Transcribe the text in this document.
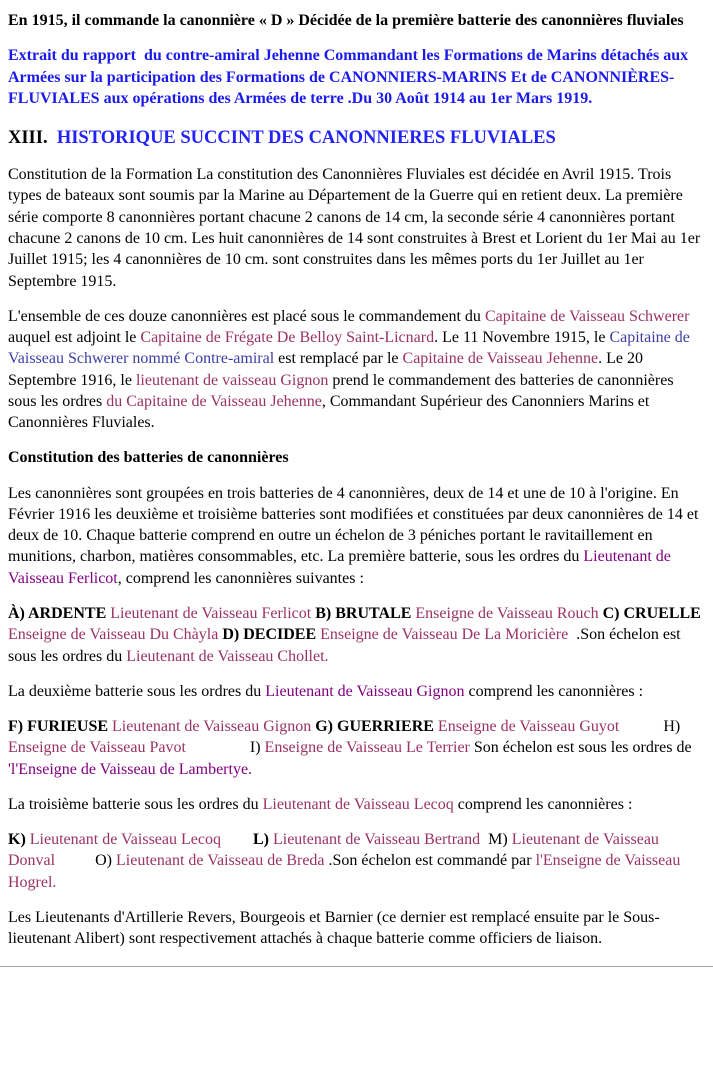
En 1915, il commande la canonnière « D » Décidée de la première batterie des canonnières fluviales

Extrait du rapport  du contre-amiral Jehenne Commandant les Formations de Marins détachés aux Armées sur la participation des Formations de CANONNIERS-MARINS Et de CANONNIÈRES-FLUVIALES aux opérations des Armées de terre .Du 30 Août 1914 au 1er Mars 1919.

XIII.  HISTORIQUE SUCCINT DES CANONNIERES FLUVIALES

Constitution de la Formation La constitution des Canonnières Fluviales est décidée en Avril 1915. Trois types de bateaux sont soumis par la Marine au Département de la Guerre qui en retient deux. La première série comporte 8 canonnières portant chacune 2 canons de 14 cm, la seconde série 4 canonnières portant chacune 2 canons de 10 cm. Les huit canonnières de 14 sont construites à Brest et Lorient du 1er Mai au 1er Juillet 1915; les 4 canonnières de 10 cm. sont construites dans les mêmes ports du 1er Juillet au 1er Septembre 1915.

L'ensemble de ces douze canonnières est placé sous le commandement du Capitaine de Vaisseau Schwerer auquel est adjoint le Capitaine de Frégate De Belloy Saint-Licnard. Le 11 Novembre 1915, le Capitaine de Vaisseau Schwerer nommé Contre-amiral est remplacé par le Capitaine de Vaisseau Jehenne. Le 20 Septembre 1916, le lieutenant de vaisseau Gignon prend le commandement des batteries de canonnières sous les ordres du Capitaine de Vaisseau Jehenne, Commandant Supérieur des Canonniers Marins et Canonnières Fluviales.

Constitution des batteries de canonnières

Les canonnières sont groupées en trois batteries de 4 canonnières, deux de 14 et une de 10 à l'origine. En Février 1916 les deuxième et troisième batteries sont modifiées et constituées par deux canonnières de 14 et deux de 10. Chaque batterie comprend en outre un échelon de 3 péniches portant le ravitaillement en munitions, charbon, matières consommables, etc. La première batterie, sous les ordres du Lieutenant de Vaisseau Ferlicot, comprend les canonnières suivantes :

À) ARDENTE Lieutenant de Vaisseau Ferlicot B) BRUTALE Enseigne de Vaisseau Rouch C) CRUELLE Enseigne de Vaisseau Du Chàyla D) DECIDEE Enseigne de Vaisseau De La Moricière  .Son échelon est sous les ordres du Lieutenant de Vaisseau Chollet.

La deuxième batterie sous les ordres du Lieutenant de Vaisseau Gignon comprend les canonnières :

F) FURIEUSE Lieutenant de Vaisseau Gignon G) GUERRIERE Enseigne de Vaisseau Guyot           H) Enseigne de Vaisseau Pavot                I) Enseigne de Vaisseau Le Terrier Son échelon est sous les ordres de 'l'Enseigne de Vaisseau de Lambertye.

La troisième batterie sous les ordres du Lieutenant de Vaisseau Lecoq comprend les canonnières :

K) Lieutenant de Vaisseau Lecoq L) Lieutenant de Vaisseau Bertrand  M) Lieutenant de Vaisseau Donval          O) Lieutenant de Vaisseau de Breda .Son échelon est commandé par l'Enseigne de Vaisseau Hogrel.

Les Lieutenants d'Artillerie Revers, Bourgeois et Barnier (ce dernier est remplacé ensuite par le Sous-lieutenant Alibert) sont respectivement attachés à chaque batterie comme officiers de liaison.
